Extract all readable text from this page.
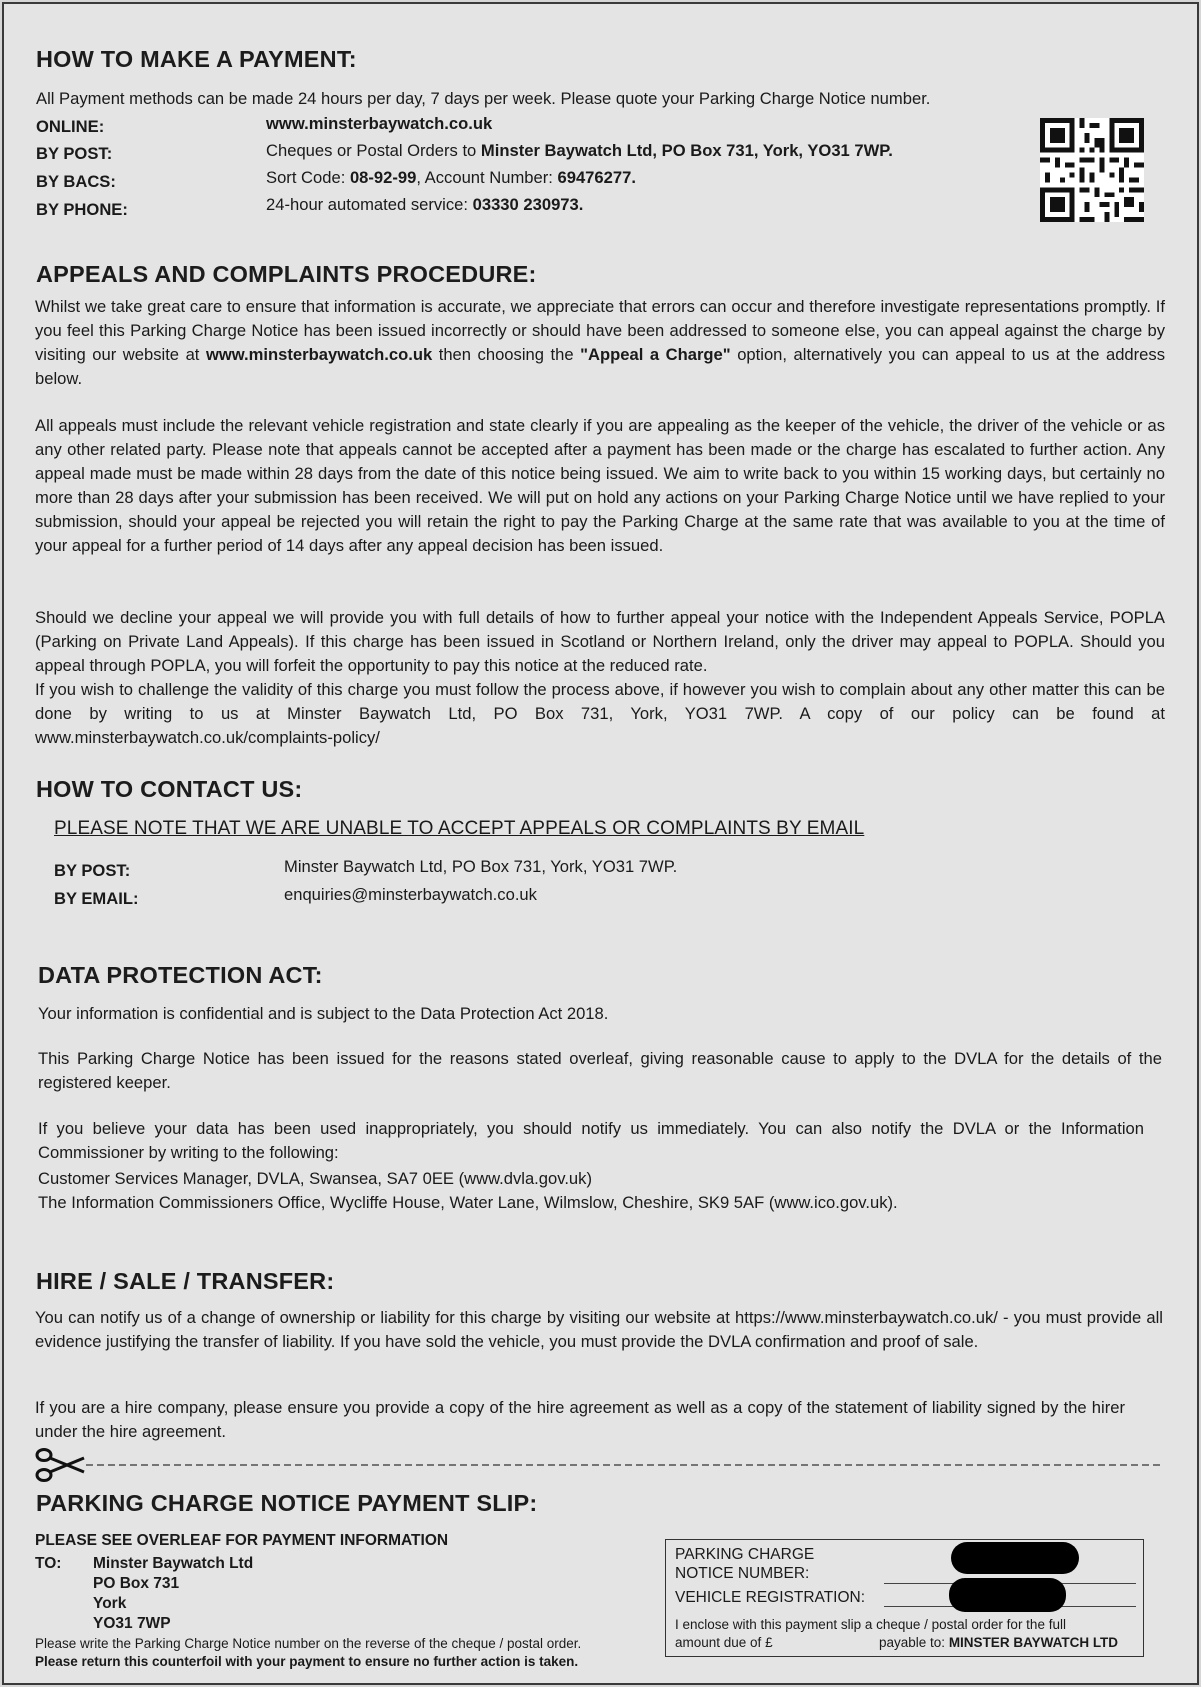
HOW TO MAKE A PAYMENT:
All Payment methods can be made 24 hours per day, 7 days per week. Please quote your Parking Charge Notice number.
ONLINE:	www.minsterbaywatch.co.uk
BY POST:	Cheques or Postal Orders to Minster Baywatch Ltd, PO Box 731, York, YO31 7WP.
BY BACS:	Sort Code: 08-92-99, Account Number: 69476277.
BY PHONE:	24-hour automated service: 03330 230973.
APPEALS AND COMPLAINTS PROCEDURE:
Whilst we take great care to ensure that information is accurate, we appreciate that errors can occur and therefore investigate representations promptly. If you feel this Parking Charge Notice has been issued incorrectly or should have been addressed to someone else, you can appeal against the charge by visiting our website at www.minsterbaywatch.co.uk then choosing the "Appeal a Charge" option, alternatively you can appeal to us at the address below.
All appeals must include the relevant vehicle registration and state clearly if you are appealing as the keeper of the vehicle, the driver of the vehicle or as any other related party. Please note that appeals cannot be accepted after a payment has been made or the charge has escalated to further action. Any appeal made must be made within 28 days from the date of this notice being issued. We aim to write back to you within 15 working days, but certainly no more than 28 days after your submission has been received. We will put on hold any actions on your Parking Charge Notice until we have replied to your submission, should your appeal be rejected you will retain the right to pay the Parking Charge at the same rate that was available to you at the time of your appeal for a further period of 14 days after any appeal decision has been issued.
Should we decline your appeal we will provide you with full details of how to further appeal your notice with the Independent Appeals Service, POPLA (Parking on Private Land Appeals). If this charge has been issued in Scotland or Northern Ireland, only the driver may appeal to POPLA. Should you appeal through POPLA, you will forfeit the opportunity to pay this notice at the reduced rate.
If you wish to challenge the validity of this charge you must follow the process above, if however you wish to complain about any other matter this can be done by writing to us at Minster Baywatch Ltd, PO Box 731, York, YO31 7WP. A copy of our policy can be found at www.minsterbaywatch.co.uk/complaints-policy/
HOW TO CONTACT US:
PLEASE NOTE THAT WE ARE UNABLE TO ACCEPT APPEALS OR COMPLAINTS BY EMAIL
BY POST:	Minster Baywatch Ltd, PO Box 731, York, YO31 7WP.
BY EMAIL:	enquiries@minsterbaywatch.co.uk
DATA PROTECTION ACT:
Your information is confidential and is subject to the Data Protection Act 2018.
This Parking Charge Notice has been issued for the reasons stated overleaf, giving reasonable cause to apply to the DVLA for the details of the registered keeper.
If you believe your data has been used inappropriately, you should notify us immediately. You can also notify the DVLA or the Information Commissioner by writing to the following:
Customer Services Manager, DVLA, Swansea, SA7 0EE (www.dvla.gov.uk)
The Information Commissioners Office, Wycliffe House, Water Lane, Wilmslow, Cheshire, SK9 5AF (www.ico.gov.uk).
HIRE / SALE / TRANSFER:
You can notify us of a change of ownership or liability for this charge by visiting our website at https://www.minsterbaywatch.co.uk/ - you must provide all evidence justifying the transfer of liability. If you have sold the vehicle, you must provide the DVLA confirmation and proof of sale.
If you are a hire company, please ensure you provide a copy of the hire agreement as well as a copy of the statement of liability signed by the hirer under the hire agreement.
PARKING CHARGE NOTICE PAYMENT SLIP:
PLEASE SEE OVERLEAF FOR PAYMENT INFORMATION
TO: Minster Baywatch Ltd
PO Box 731
York
YO31 7WP
Please write the Parking Charge Notice number on the reverse of the cheque / postal order.
Please return this counterfoil with your payment to ensure no further action is taken.
PARKING CHARGE
NOTICE NUMBER:
VEHICLE REGISTRATION:
I enclose with this payment slip a cheque / postal order for the full
amount due of £	payable to: MINSTER BAYWATCH LTD
